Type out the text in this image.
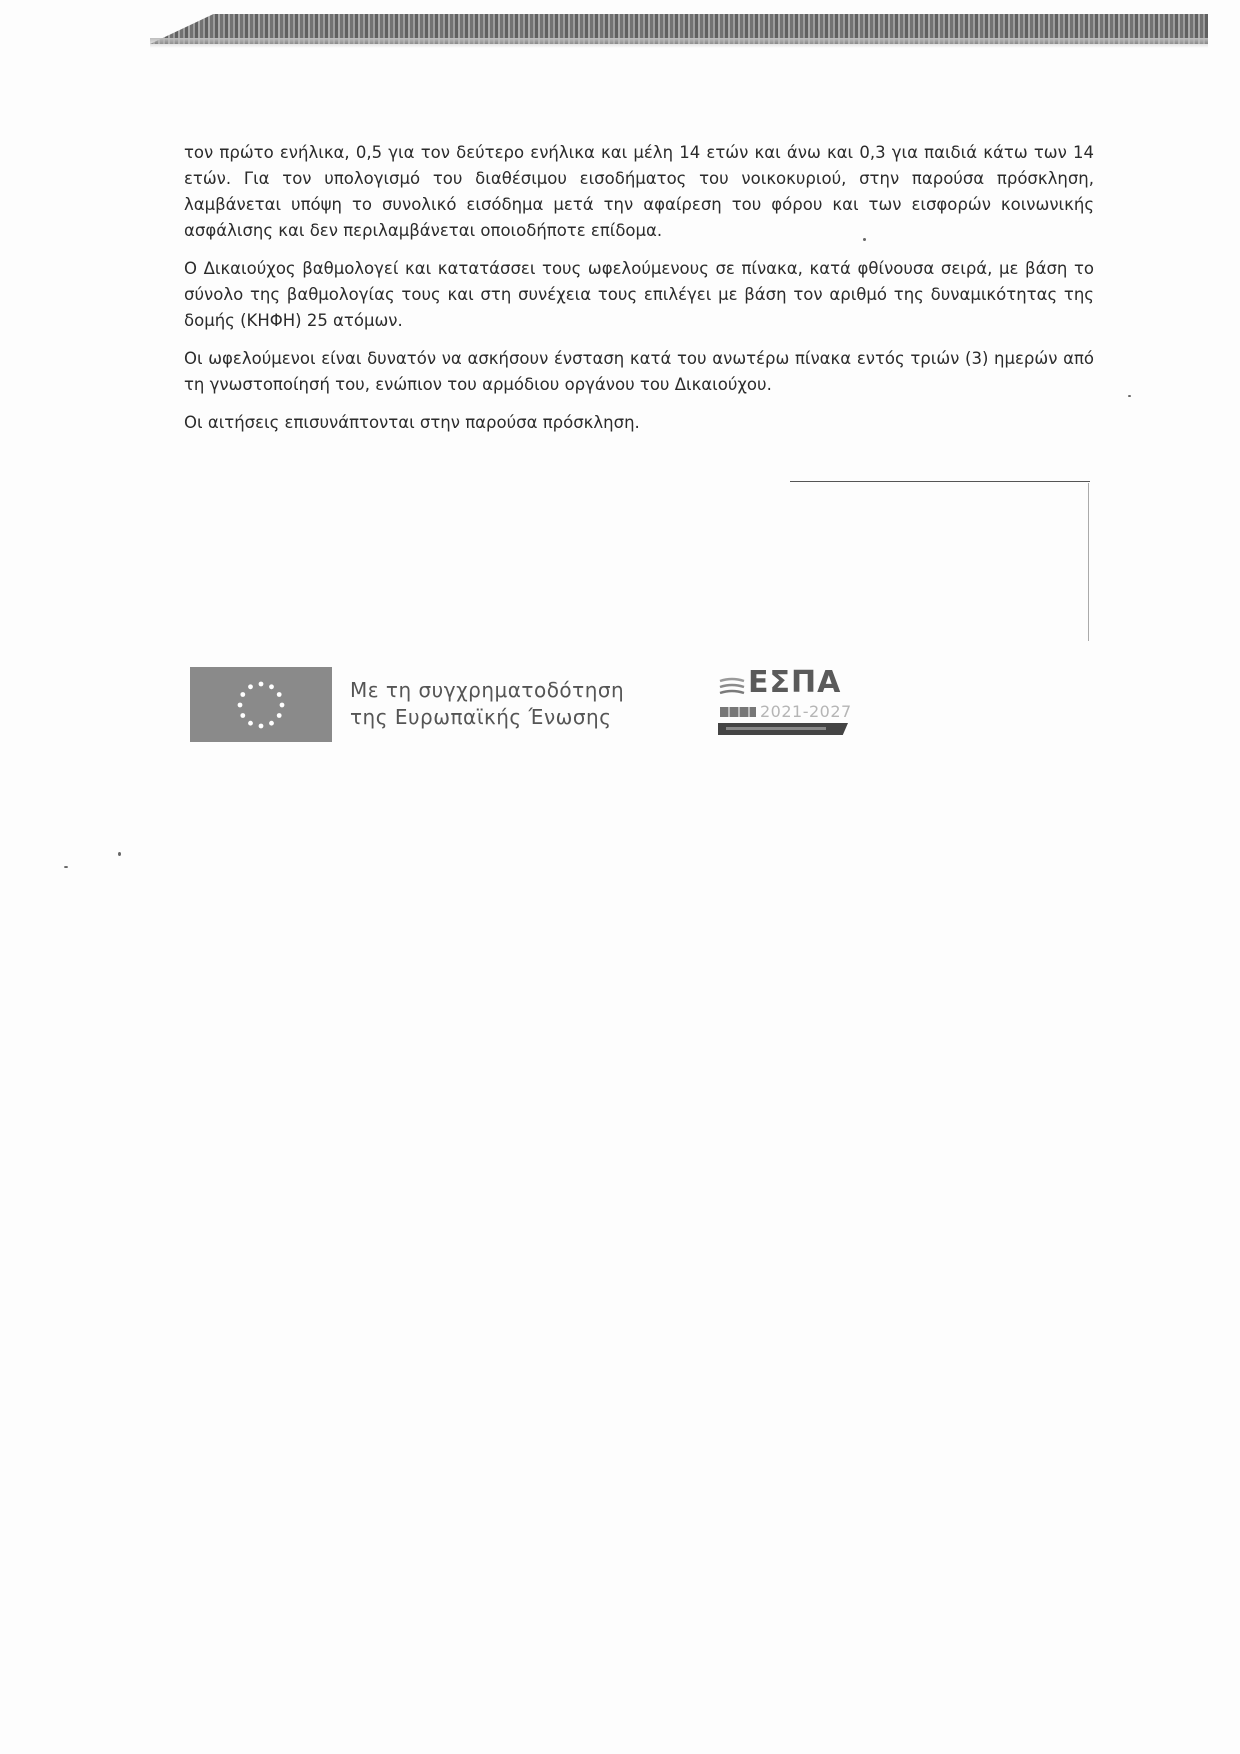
τον πρώτο ενήλικα, 0,5 για τον δεύτερο ενήλικα και μέλη 14 ετών και άνω και 0,3 για παιδιά κάτω των 14 ετών. Για τον υπολογισμό του διαθέσιμου εισοδήματος του νοικοκυριού, στην παρούσα πρόσκληση, λαμβάνεται υπόψη το συνολικό εισόδημα μετά την αφαίρεση του φόρου και των εισφορών κοινωνικής ασφάλισης και δεν περιλαμβάνεται οποιοδήποτε επίδομα.

Ο Δικαιούχος βαθμολογεί και κατατάσσει τους ωφελούμενους σε πίνακα, κατά φθίνουσα σειρά, με βάση το σύνολο της βαθμολογίας τους και στη συνέχεια τους επιλέγει με βάση τον αριθμό της δυναμικότητας της δομής (ΚΗΦΗ) 25 ατόμων.

Οι ωφελούμενοι είναι δυνατόν να ασκήσουν ένσταση κατά του ανωτέρω πίνακα εντός τριών (3) ημερών από τη γνωστοποίησή του, ενώπιον του αρμόδιου οργάνου του Δικαιούχου.

Οι αιτήσεις επισυνάπτονται στην παρούσα πρόσκληση.

Με τη συγχρηματοδότηση
της Ευρωπαϊκής Ένωσης
ΕΣΠΑ
2021-2027
